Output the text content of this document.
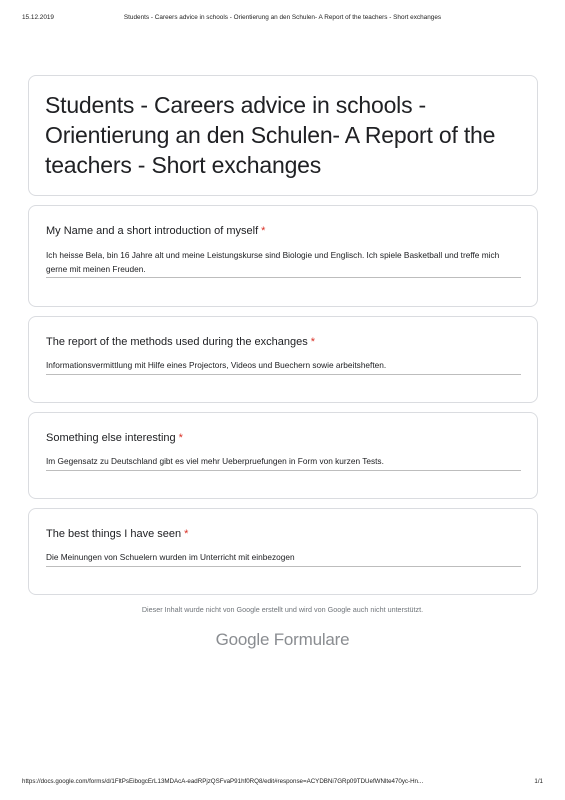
15.12.2019	Students - Careers advice in schools - Orientierung an den Schulen- A Report of the teachers - Short exchanges
Students - Careers advice in schools - Orientierung an den Schulen- A Report of the teachers - Short exchanges
My Name and a short introduction of myself *
Ich heisse Bela, bin 16 Jahre alt und meine Leistungskurse sind Biologie und Englisch. Ich spiele Basketball und treffe mich gerne mit meinen Freuden.
The report of the methods used during the exchanges *
Informationsvermittlung mit Hilfe eines Projectors, Videos und Buechern sowie arbeitsheften.
Something else interesting *
Im Gegensatz zu Deutschland gibt es viel mehr Ueberpruefungen in Form von kurzen Tests.
The best things I have seen *
Die Meinungen von Schuelern wurden im Unterricht mit einbezogen
Dieser Inhalt wurde nicht von Google erstellt und wird von Google auch nicht unterstützt.
Google Formulare
https://docs.google.com/forms/d/1FltPsEibogcErL13MDAcA-eadRPjzQSFvaP91hf0RQ8/edit#response=ACYDBNi7GRp09TDUefWNlte470yc-Hn...	1/1
